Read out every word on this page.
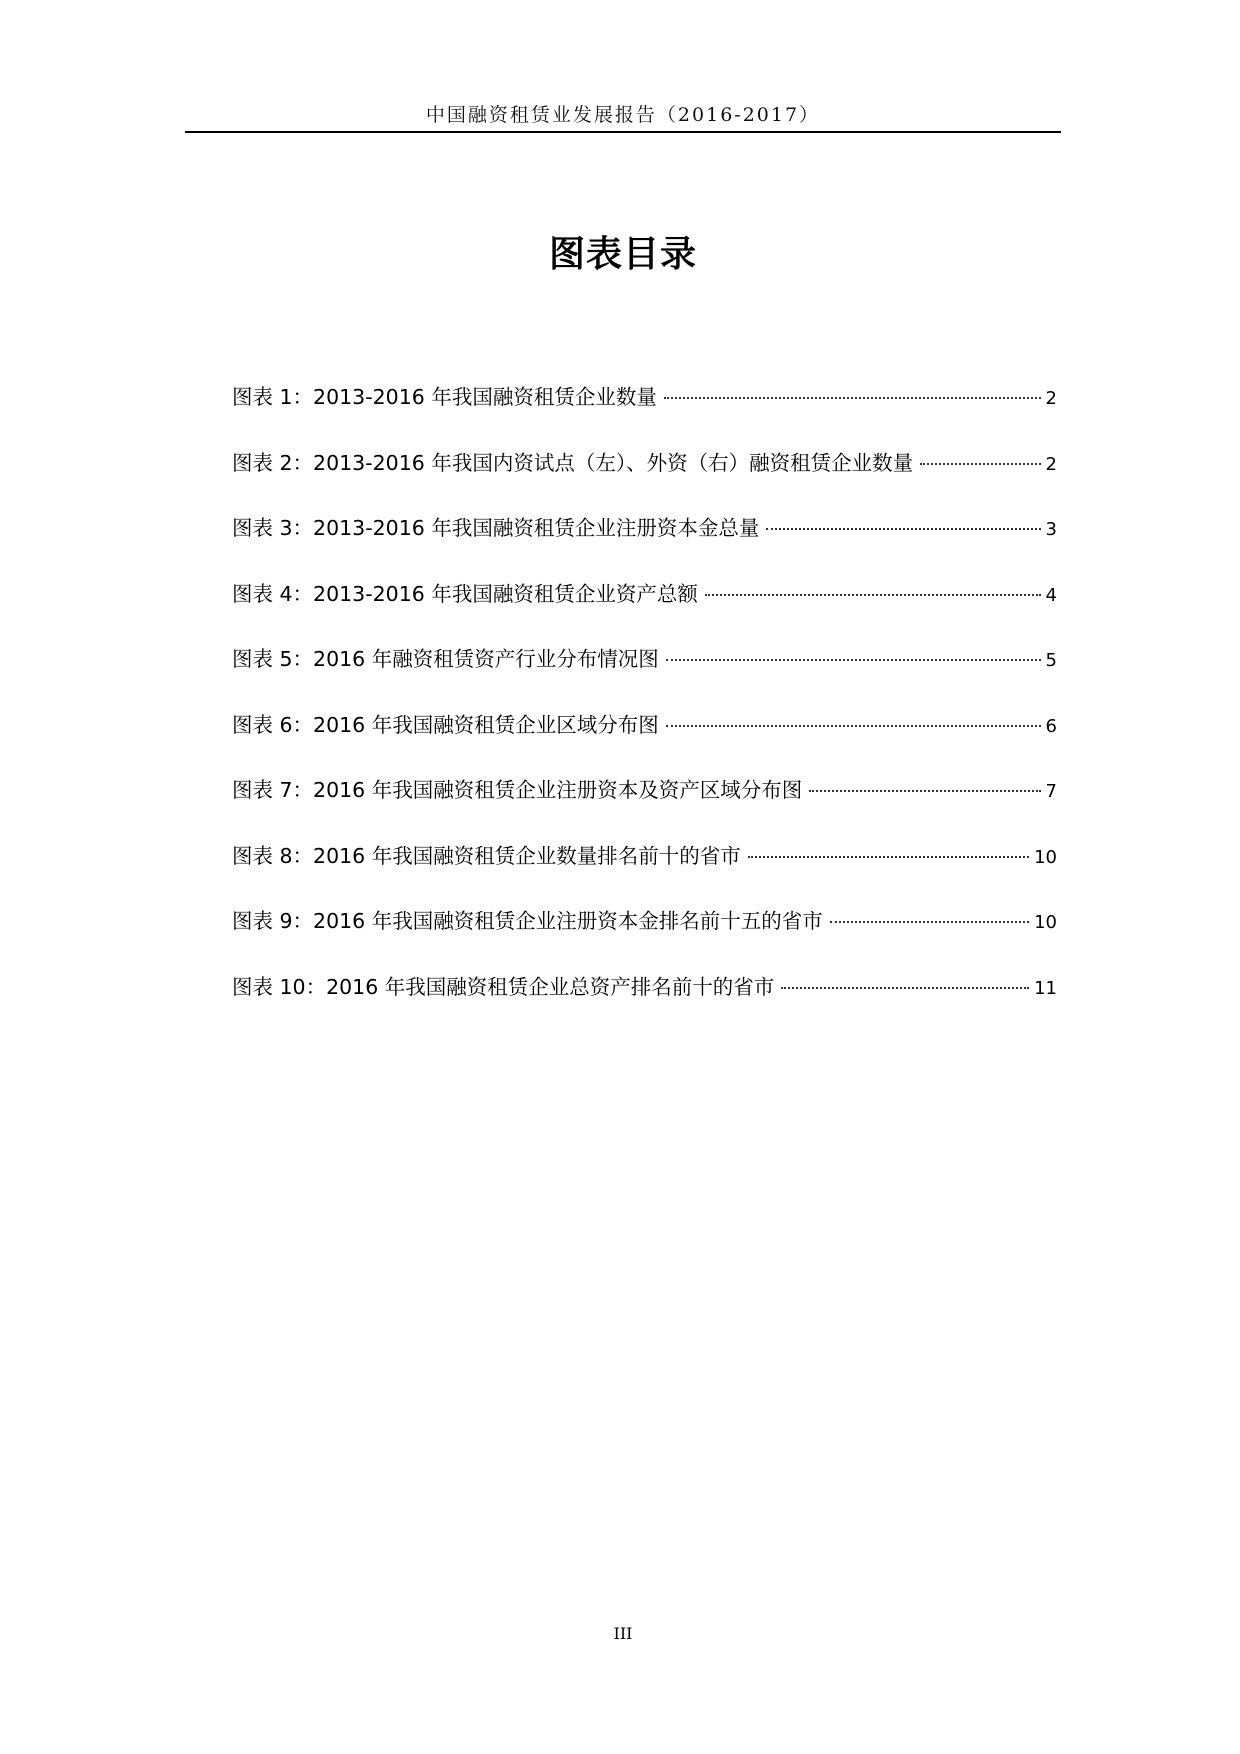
中国融资租赁业发展报告（2016-2017）
图表目录
图表 1：2013-2016 年我国融资租赁企业数量	2
图表 2：2013-2016 年我国内资试点（左）、外资（右）融资租赁企业数量	2
图表 3：2013-2016 年我国融资租赁企业注册资本金总量	3
图表 4：2013-2016 年我国融资租赁企业资产总额	4
图表 5：2016 年融资租赁资产行业分布情况图	5
图表 6：2016 年我国融资租赁企业区域分布图	6
图表 7：2016 年我国融资租赁企业注册资本及资产区域分布图	7
图表 8：2016 年我国融资租赁企业数量排名前十的省市	10
图表 9：2016 年我国融资租赁企业注册资本金排名前十五的省市	10
图表 10：2016 年我国融资租赁企业总资产排名前十的省市	11
III
